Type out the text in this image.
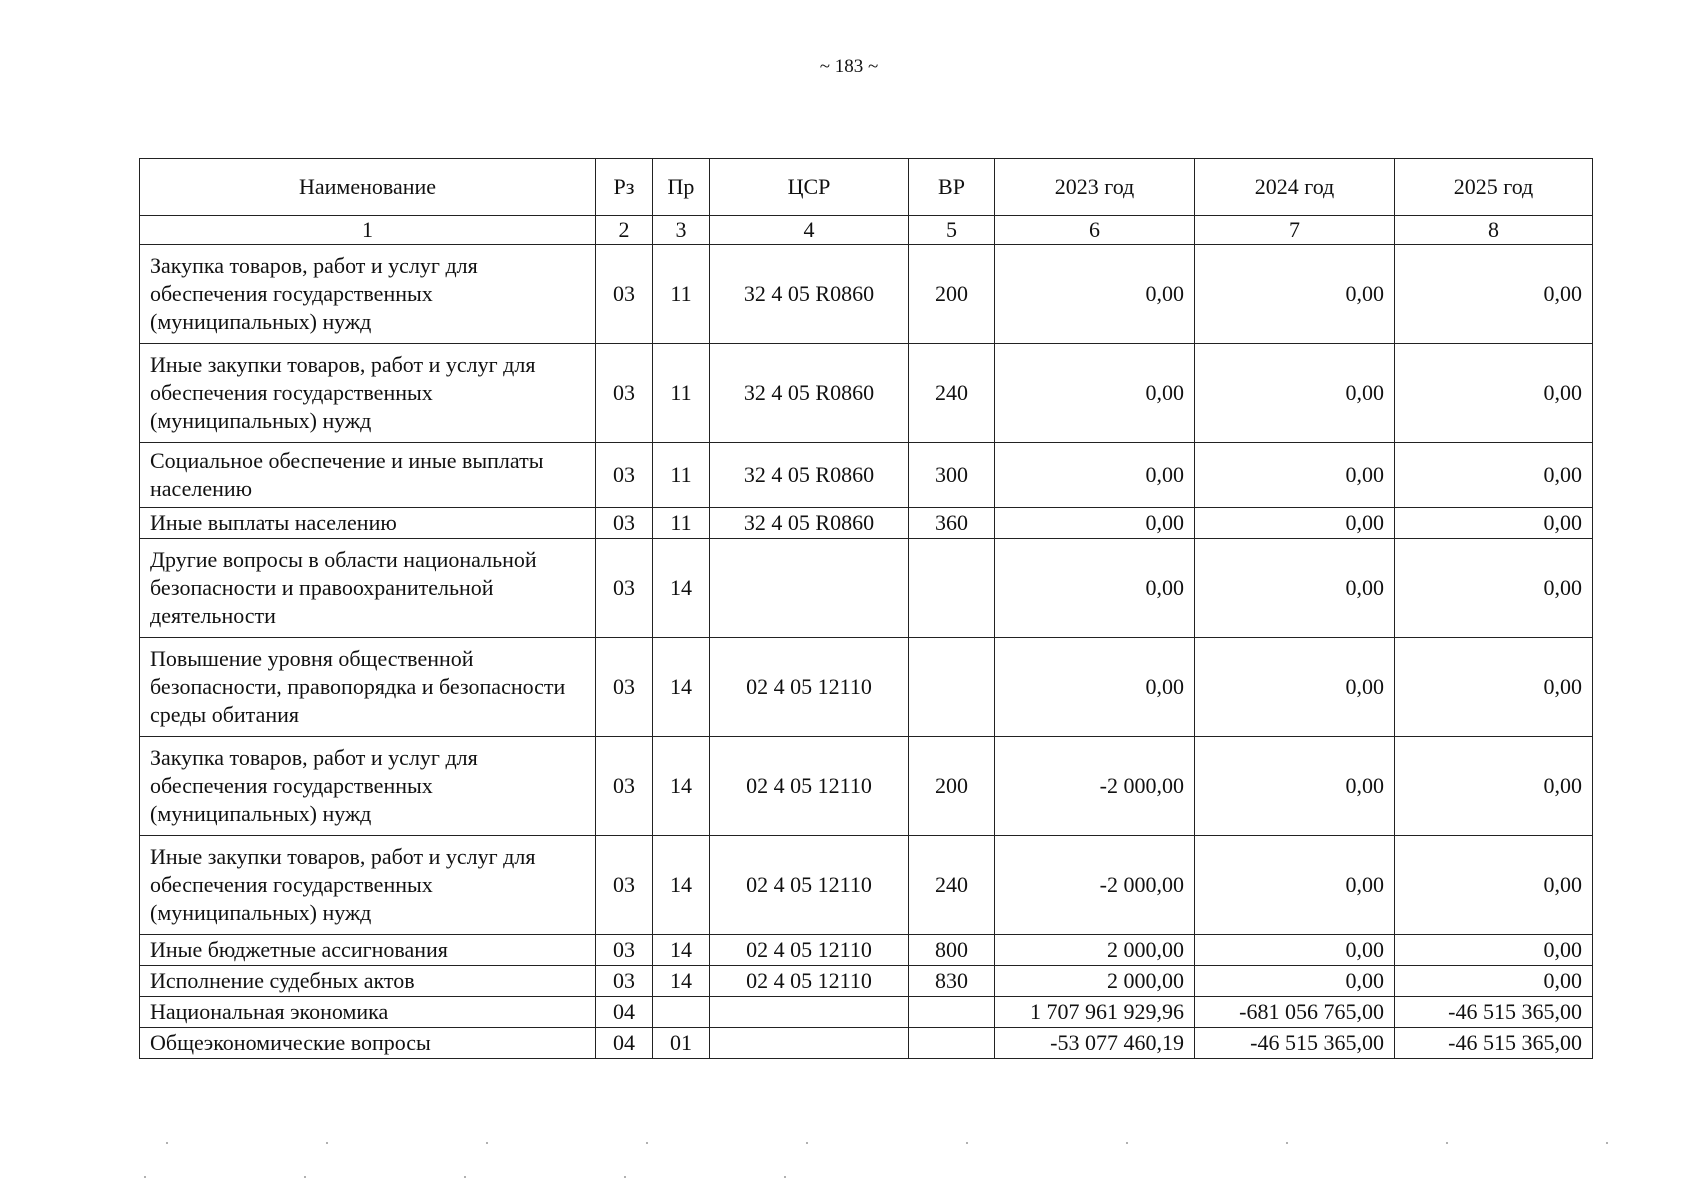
~ 183 ~
Наименование	Рз	Пр	ЦСР	ВР	2023 год	2024 год	2025 год
1	2	3	4	5	6	7	8
Закупка товаров, работ и услуг для обеспечения государственных (муниципальных) нужд	03	11	32 4 05 R0860	200	0,00	0,00	0,00
Иные закупки товаров, работ и услуг для обеспечения государственных (муниципальных) нужд	03	11	32 4 05 R0860	240	0,00	0,00	0,00
Социальное обеспечение и иные выплаты населению	03	11	32 4 05 R0860	300	0,00	0,00	0,00
Иные выплаты населению	03	11	32 4 05 R0860	360	0,00	0,00	0,00
Другие вопросы в области национальной безопасности и правоохранительной деятельности	03	14			0,00	0,00	0,00
Повышение уровня общественной безопасности, правопорядка и безопасности среды обитания	03	14	02 4 05 12110		0,00	0,00	0,00
Закупка товаров, работ и услуг для обеспечения государственных (муниципальных) нужд	03	14	02 4 05 12110	200	-2 000,00	0,00	0,00
Иные закупки товаров, работ и услуг для обеспечения государственных (муниципальных) нужд	03	14	02 4 05 12110	240	-2 000,00	0,00	0,00
Иные бюджетные ассигнования	03	14	02 4 05 12110	800	2 000,00	0,00	0,00
Исполнение судебных актов	03	14	02 4 05 12110	830	2 000,00	0,00	0,00
Национальная экономика	04				1 707 961 929,96	-681 056 765,00	-46 515 365,00
Общеэкономические вопросы	04	01			-53 077 460,19	-46 515 365,00	-46 515 365,00
